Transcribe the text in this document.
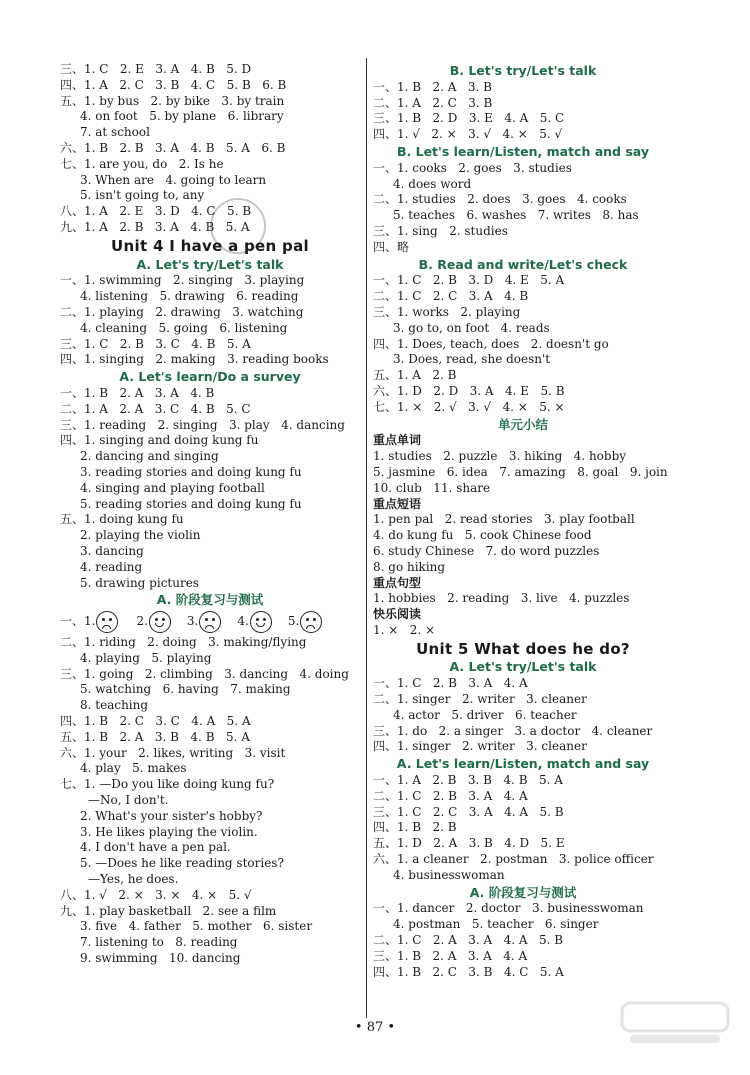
三、1. C   2. E   3. A   4. B   5. D
四、1. A   2. C   3. B   4. C   5. B   6. B
五、1. by bus   2. by bike   3. by train
4. on foot   5. by plane   6. library
7. at school
六、1. B   2. B   3. A   4. B   5. A   6. B
七、1. are you, do   2. Is he
3. When are   4. going to learn
5. isn't going to, any
八、1. A   2. E   3. D   4. C   5. B
九、1. A   2. B   3. A   4. B   5. A
Unit 4 I have a pen pal
A. Let's try/Let's talk
一、1. swimming   2. singing   3. playing
4. listening   5. drawing   6. reading
二、1. playing   2. drawing   3. watching
4. cleaning   5. going   6. listening
三、1. C   2. B   3. C   4. B   5. A
四、1. singing   2. making   3. reading books
A. Let's learn/Do a survey
一、1. B   2. A   3. A   4. B
二、1. A   2. A   3. C   4. B   5. C
三、1. reading   2. singing   3. play   4. dancing
四、1. singing and doing kung fu
2. dancing and singing
3. reading stories and doing kung fu
4. singing and playing football
5. reading stories and doing kung fu
五、1. doing kung fu
2. playing the violin
3. dancing
4. reading
5. drawing pictures
A. 阶段复习与测试
一、1.	2.	3.	4.	5.
二、1. riding   2. doing   3. making/flying
4. playing   5. playing
三、1. going   2. climbing   3. dancing   4. doing
5. watching   6. having   7. making
8. teaching
四、1. B   2. C   3. C   4. A   5. A
五、1. B   2. A   3. B   4. B   5. A
六、1. your   2. likes, writing   3. visit
4. play   5. makes
七、1. —Do you like doing kung fu?
—No, I don't.
2. What's your sister's hobby?
3. He likes playing the violin.
4. I don't have a pen pal.
5. —Does he like reading stories?
—Yes, he does.
八、1. √   2. ×   3. ×   4. ×   5. √
九、1. play basketball   2. see a film
3. five   4. father   5. mother   6. sister
7. listening to   8. reading
9. swimming   10. dancing
B. Let's try/Let's talk
一、1. B   2. A   3. B
二、1. A   2. C   3. B
三、1. B   2. D   3. E   4. A   5. C
四、1. √   2. ×   3. √   4. ×   5. √
B. Let's learn/Listen, match and say
一、1. cooks   2. goes   3. studies
4. does word
二、1. studies   2. does   3. goes   4. cooks
5. teaches   6. washes   7. writes   8. has
三、1. sing   2. studies
四、略
B. Read and write/Let's check
一、1. C   2. B   3. D   4. E   5. A
二、1. C   2. C   3. A   4. B
三、1. works   2. playing
3. go to, on foot   4. reads
四、1. Does, teach, does   2. doesn't go
3. Does, read, she doesn't
五、1. A   2. B
六、1. D   2. D   3. A   4. E   5. B
七、1. ×   2. √   3. √   4. ×   5. ×
单元小结
重点单词
1. studies   2. puzzle   3. hiking   4. hobby
5. jasmine   6. idea   7. amazing   8. goal   9. join
10. club   11. share
重点短语
1. pen pal   2. read stories   3. play football
4. do kung fu   5. cook Chinese food
6. study Chinese   7. do word puzzles
8. go hiking
重点句型
1. hobbies   2. reading   3. live   4. puzzles
快乐阅读
1. ×   2. ×
Unit 5 What does he do?
A. Let's try/Let's talk
一、1. C   2. B   3. A   4. A
二、1. singer   2. writer   3. cleaner
4. actor   5. driver   6. teacher
三、1. do   2. a singer   3. a doctor   4. cleaner
四、1. singer   2. writer   3. cleaner
A. Let's learn/Listen, match and say
一、1. A   2. B   3. B   4. B   5. A
二、1. C   2. B   3. A   4. A
三、1. C   2. C   3. A   4. A   5. B
四、1. B   2. B
五、1. D   2. A   3. B   4. D   5. E
六、1. a cleaner   2. postman   3. police officer
4. businesswoman
A. 阶段复习与测试
一、1. dancer   2. doctor   3. businesswoman
4. postman   5. teacher   6. singer
二、1. C   2. A   3. A   4. A   5. B
三、1. B   2. A   3. A   4. A
四、1. B   2. C   3. B   4. C   5. A
• 87 •
